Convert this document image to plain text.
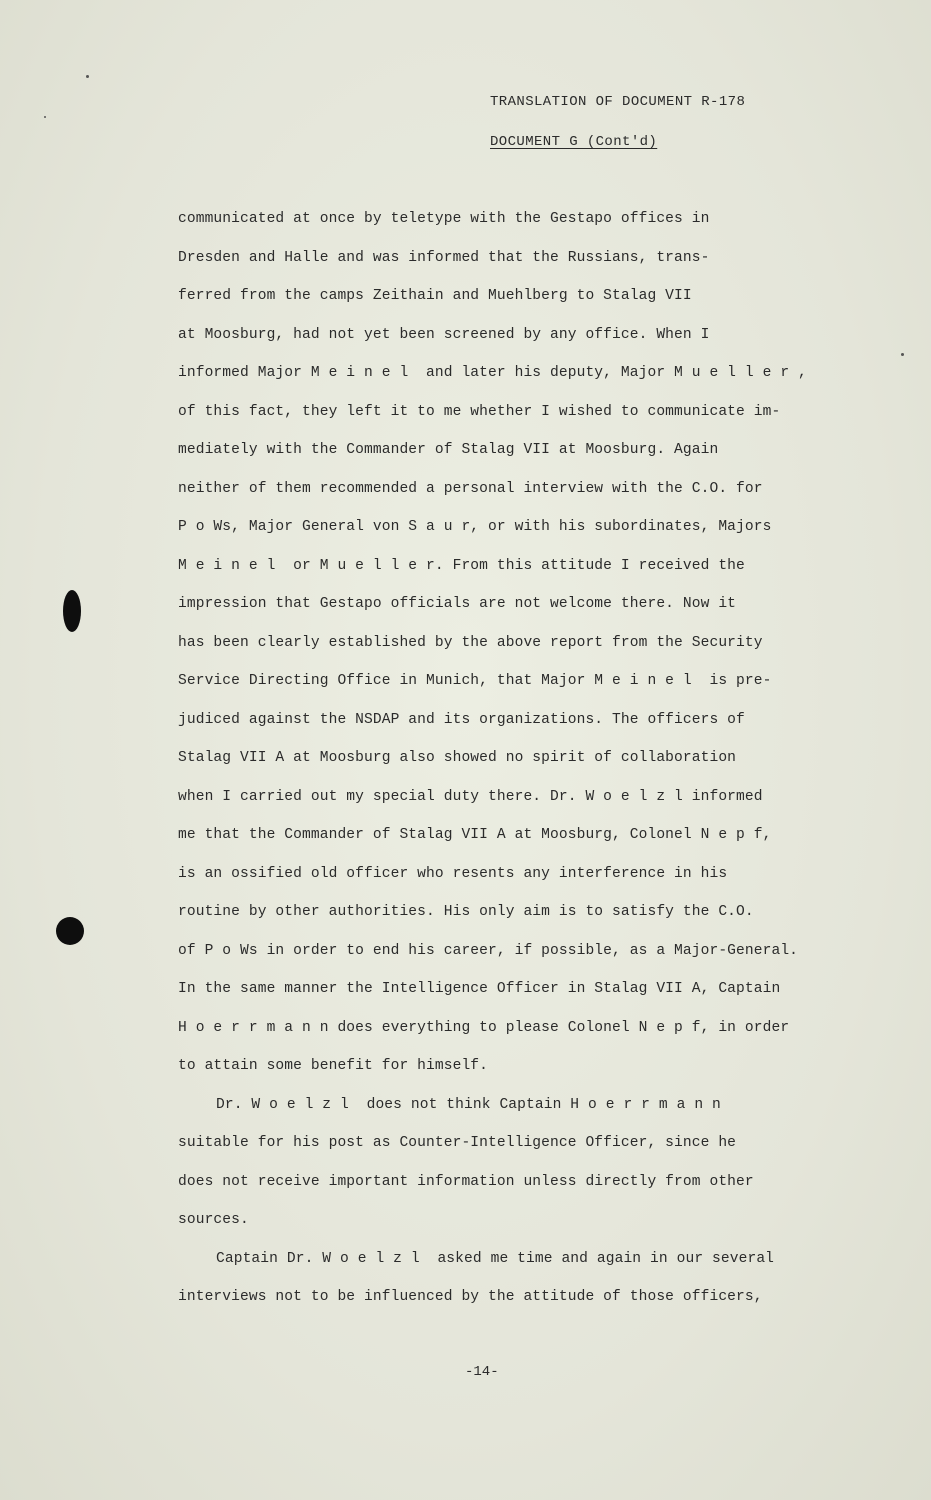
TRANSLATION OF DOCUMENT R-178
DOCUMENT G (Cont'd)
communicated at once by teletype with the Gestapo offices in
Dresden and Halle and was informed that the Russians, trans-
ferred from the camps Zeithain and Muehlberg to Stalag VII
at Moosburg, had not yet been screened by any office. When I
informed Major M e i n e l  and later his deputy, Major M u e l l e r ,
of this fact, they left it to me whether I wished to communicate im-
mediately with the Commander of Stalag VII at Moosburg. Again
neither of them recommended a personal interview with the C.O. for
P o Ws, Major General von S a u r, or with his subordinates, Majors
M e i n e l  or M u e l l e r. From this attitude I received the
impression that Gestapo officials are not welcome there. Now it
has been clearly established by the above report from the Security
Service Directing Office in Munich, that Major M e i n e l  is pre-
judiced against the NSDAP and its organizations. The officers of
Stalag VII A at Moosburg also showed no spirit of collaboration
when I carried out my special duty there. Dr. W o e l z l informed
me that the Commander of Stalag VII A at Moosburg, Colonel N e p f,
is an ossified old officer who resents any interference in his
routine by other authorities. His only aim is to satisfy the C.O.
of P o Ws in order to end his career, if possible, as a Major-General.
In the same manner the Intelligence Officer in Stalag VII A, Captain
H o e r r m a n n does everything to please Colonel N e p f, in order
to attain some benefit for himself.
Dr. W o e l z l  does not think Captain H o e r r m a n n
suitable for his post as Counter-Intelligence Officer, since he
does not receive important information unless directly from other
sources.
Captain Dr. W o e l z l  asked me time and again in our several
interviews not to be influenced by the attitude of those officers,
-14-
